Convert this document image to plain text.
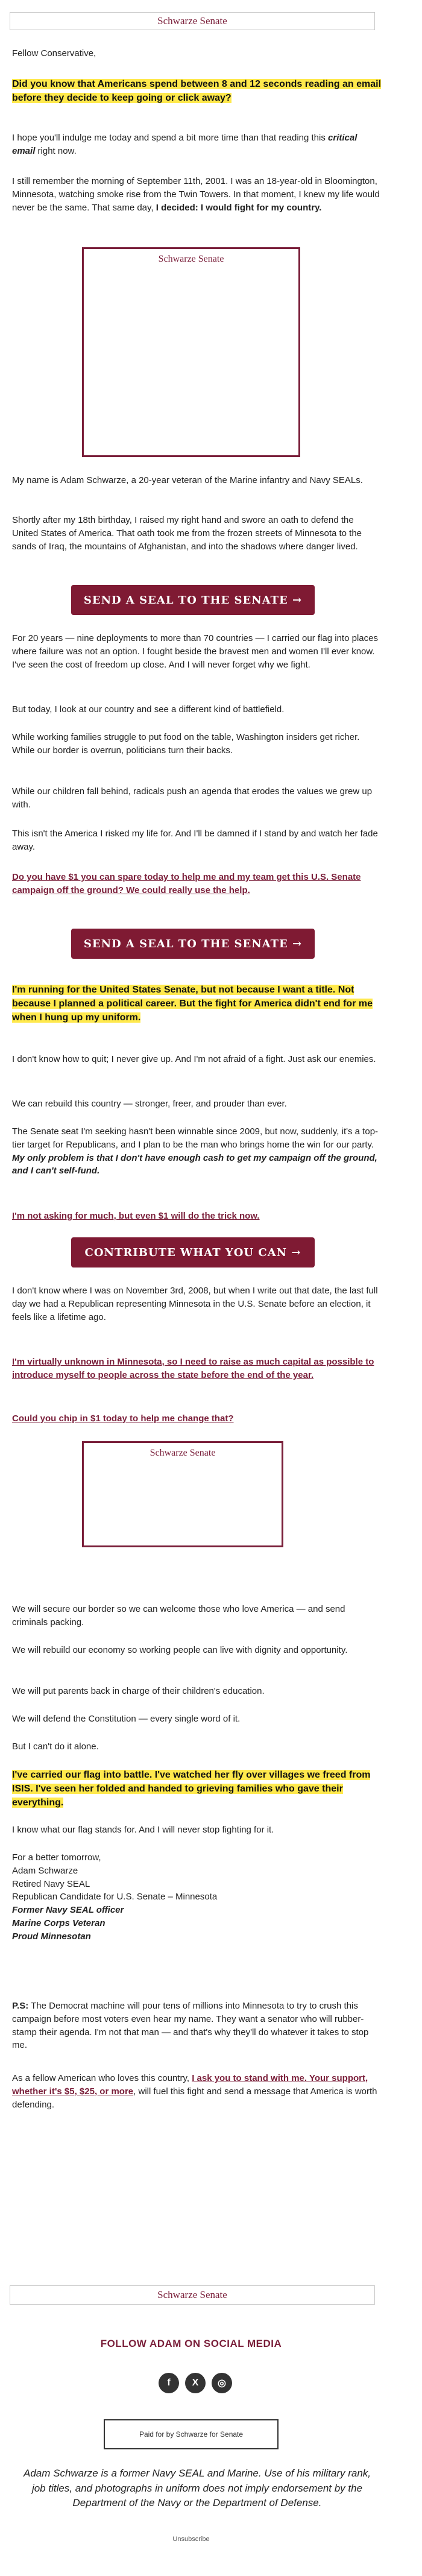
Schwarze Senate

Fellow Conservative,

Did you know that Americans spend between 8 and 12 seconds reading an email before they decide to keep going or click away?

I hope you'll indulge me today and spend a bit more time than that reading this critical email right now.

I still remember the morning of September 11th, 2001. I was an 18-year-old in Bloomington, Minnesota, watching smoke rise from the Twin Towers. In that moment, I knew my life would never be the same. That same day, I decided: I would fight for my country.

Schwarze Senate

My name is Adam Schwarze, a 20-year veteran of the Marine infantry and Navy SEALs.

Shortly after my 18th birthday, I raised my right hand and swore an oath to defend the United States of America. That oath took me from the frozen streets of Minnesota to the sands of Iraq, the mountains of Afghanistan, and into the shadows where danger lived.

SEND A SEAL TO THE SENATE →

For 20 years — nine deployments to more than 70 countries — I carried our flag into places where failure was not an option. I fought beside the bravest men and women I'll ever know. I've seen the cost of freedom up close. And I will never forget why we fight.

But today, I look at our country and see a different kind of battlefield.

While working families struggle to put food on the table, Washington insiders get richer. While our border is overrun, politicians turn their backs.

While our children fall behind, radicals push an agenda that erodes the values we grew up with.

This isn't the America I risked my life for. And I'll be damned if I stand by and watch her fade away.

Do you have $1 you can spare today to help me and my team get this U.S. Senate campaign off the ground? We could really use the help.

SEND A SEAL TO THE SENATE →

I'm running for the United States Senate, but not because I want a title. Not because I planned a political career. But the fight for America didn't end for me when I hung up my uniform.

I don't know how to quit; I never give up. And I'm not afraid of a fight. Just ask our enemies.

We can rebuild this country — stronger, freer, and prouder than ever.

The Senate seat I'm seeking hasn't been winnable since 2009, but now, suddenly, it's a top-tier target for Republicans, and I plan to be the man who brings home the win for our party. My only problem is that I don't have enough cash to get my campaign off the ground, and I can't self-fund.

I'm not asking for much, but even $1 will do the trick now.

CONTRIBUTE WHAT YOU CAN →

I don't know where I was on November 3rd, 2008, but when I write out that date, the last full day we had a Republican representing Minnesota in the U.S. Senate before an election, it feels like a lifetime ago.

I'm virtually unknown in Minnesota, so I need to raise as much capital as possible to introduce myself to people across the state before the end of the year.

Could you chip in $1 today to help me change that?

Schwarze Senate

We will secure our border so we can welcome those who love America — and send criminals packing.

We will rebuild our economy so working people can live with dignity and opportunity.

We will put parents back in charge of their children's education.

We will defend the Constitution — every single word of it.

But I can't do it alone.

I've carried our flag into battle. I've watched her fly over villages we freed from ISIS. I've seen her folded and handed to grieving families who gave their everything.

I know what our flag stands for. And I will never stop fighting for it.

For a better tomorrow,

Adam Schwarze

Retired Navy SEAL

Republican Candidate for U.S. Senate – Minnesota

Former Navy SEAL officer

Marine Corps Veteran

Proud Minnesotan

P.S: The Democrat machine will pour tens of millions into Minnesota to try to crush this campaign before most voters even hear my name. They want a senator who will rubber-stamp their agenda. I'm not that man — and that's why they'll do whatever it takes to stop me.

As a fellow American who loves this country, I ask you to stand with me. Your support, whether it's $5, $25, or more, will fuel this fight and send a message that America is worth defending.

Schwarze Senate
FOLLOW ADAM ON SOCIAL MEDIA
f	X	◎
Paid for by Schwarze for Senate
Adam Schwarze is a former Navy SEAL and Marine. Use of his military rank, job titles, and photographs in uniform does not imply endorsement by the Department of the Navy or the Department of Defense.
Unsubscribe
